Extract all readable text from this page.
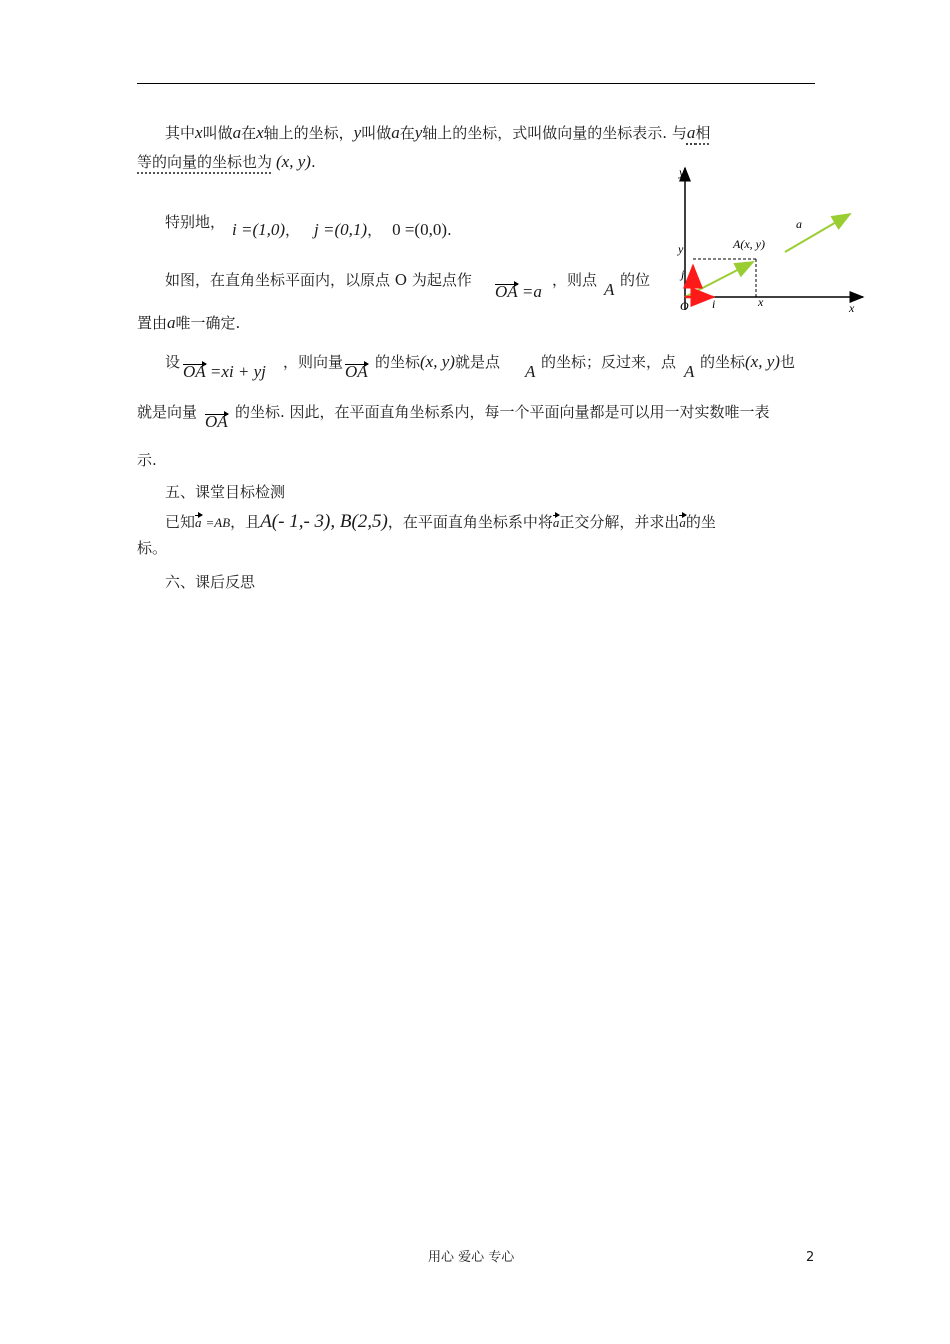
其中x叫做a在x轴上的坐标，y叫做a在y轴上的坐标，式叫做向量的坐标表示. 与a相
等的向量的坐标也为 (x, y).
特别地， i =(1,0)， j =(0,1)， 0 =(0,0).
如图，在直角坐标平面内，以原点 O 为起点作
OA =a
，则点 A 的位
置由a唯一确定.
设 OA =xi + yj ，则向量 OA 的坐标(x, y)就是点 A 的坐标；反过来，点 A 的坐标(x, y)也
就是向量 OA 的坐标. 因此，在平面直角坐标系内，每一个平面向量都是可以用一对实数唯一表
示.
五、课堂目标检测
已知a =AB，且A(- 1,- 3), B(2,5)，在平面直角坐标系中将a正交分解，并求出a的坐
标。
六、课后反思
y
x
O
A(x, y)
a
y
x
i
j
用心 爱心 专心	2
